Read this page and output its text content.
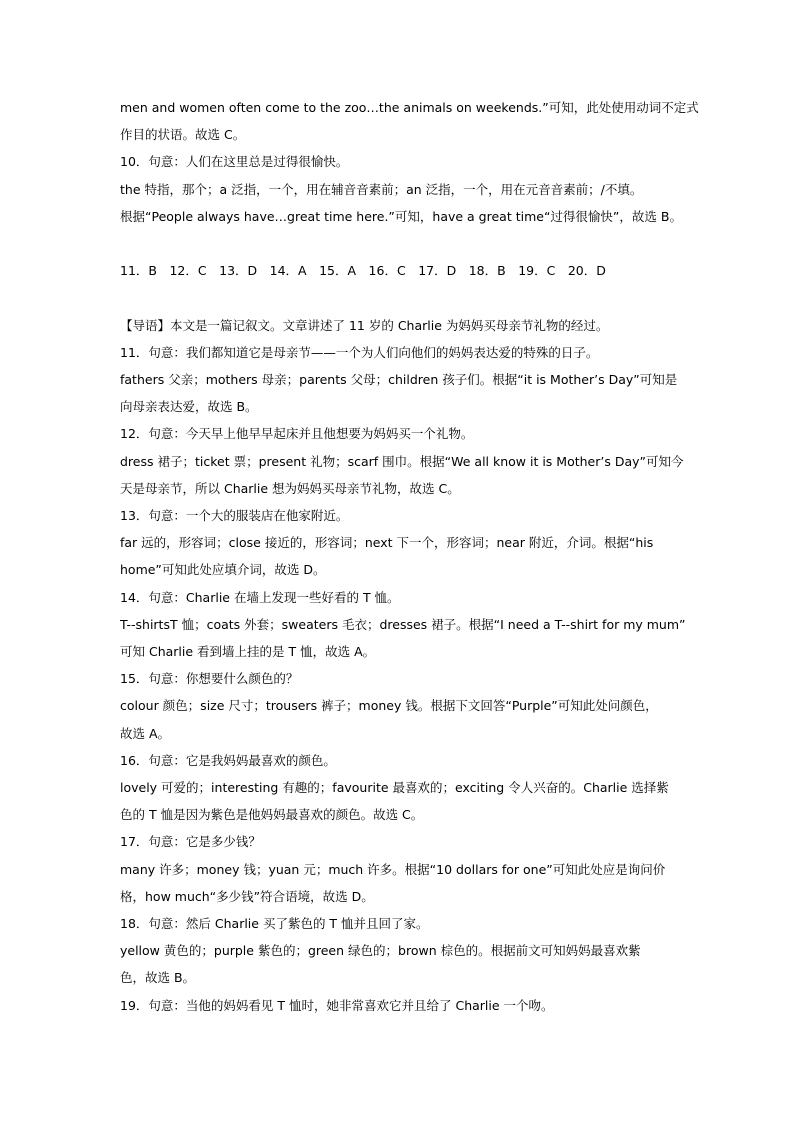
men and women often come to the zoo…the animals on weekends.”可知，此处使用动词不定式
作目的状语。故选 C。
10．句意：人们在这里总是过得很愉快。
the 特指，那个；a 泛指，一个，用在辅音音素前；an 泛指，一个，用在元音音素前；/不填。
根据“People always have…great time here.”可知，have a great time“过得很愉快”，故选 B。
11．B　12．C　13．D　14．A　15．A　16．C　17．D　18．B　19．C　20．D
【导语】本文是一篇记叙文。文章讲述了 11 岁的 Charlie 为妈妈买母亲节礼物的经过。
11．句意：我们都知道它是母亲节——一个为人们向他们的妈妈表达爱的特殊的日子。
fathers 父亲；mothers 母亲；parents 父母；children 孩子们。根据“it is Mother’s Day”可知是
向母亲表达爱，故选 B。
12．句意：今天早上他早早起床并且他想要为妈妈买一个礼物。
dress 裙子；ticket 票；present 礼物；scarf 围巾。根据“We all know it is Mother’s Day”可知今
天是母亲节，所以 Charlie 想为妈妈买母亲节礼物，故选 C。
13．句意：一个大的服装店在他家附近。
far 远的，形容词；close 接近的，形容词；next 下一个，形容词；near 附近，介词。根据“his
home”可知此处应填介词，故选 D。
14．句意：Charlie 在墙上发现一些好看的 T 恤。
T--shirtsT 恤；coats 外套；sweaters 毛衣；dresses 裙子。根据“I need a T--shirt for my mum”
可知 Charlie 看到墙上挂的是 T 恤，故选 A。
15．句意：你想要什么颜色的？
colour 颜色；size 尺寸；trousers 裤子；money 钱。根据下文回答“Purple”可知此处问颜色，
故选 A。
16．句意：它是我妈妈最喜欢的颜色。
lovely 可爱的；interesting 有趣的；favourite 最喜欢的；exciting 令人兴奋的。Charlie 选择紫
色的 T 恤是因为紫色是他妈妈最喜欢的颜色。故选 C。
17．句意：它是多少钱？
many 许多；money 钱；yuan 元；much 许多。根据“10 dollars for one”可知此处应是询问价
格，how much“多少钱”符合语境，故选 D。
18．句意：然后 Charlie 买了紫色的 T 恤并且回了家。
yellow 黄色的；purple 紫色的；green 绿色的；brown 棕色的。根据前文可知妈妈最喜欢紫
色，故选 B。
19．句意：当他的妈妈看见 T 恤时，她非常喜欢它并且给了 Charlie 一个吻。
